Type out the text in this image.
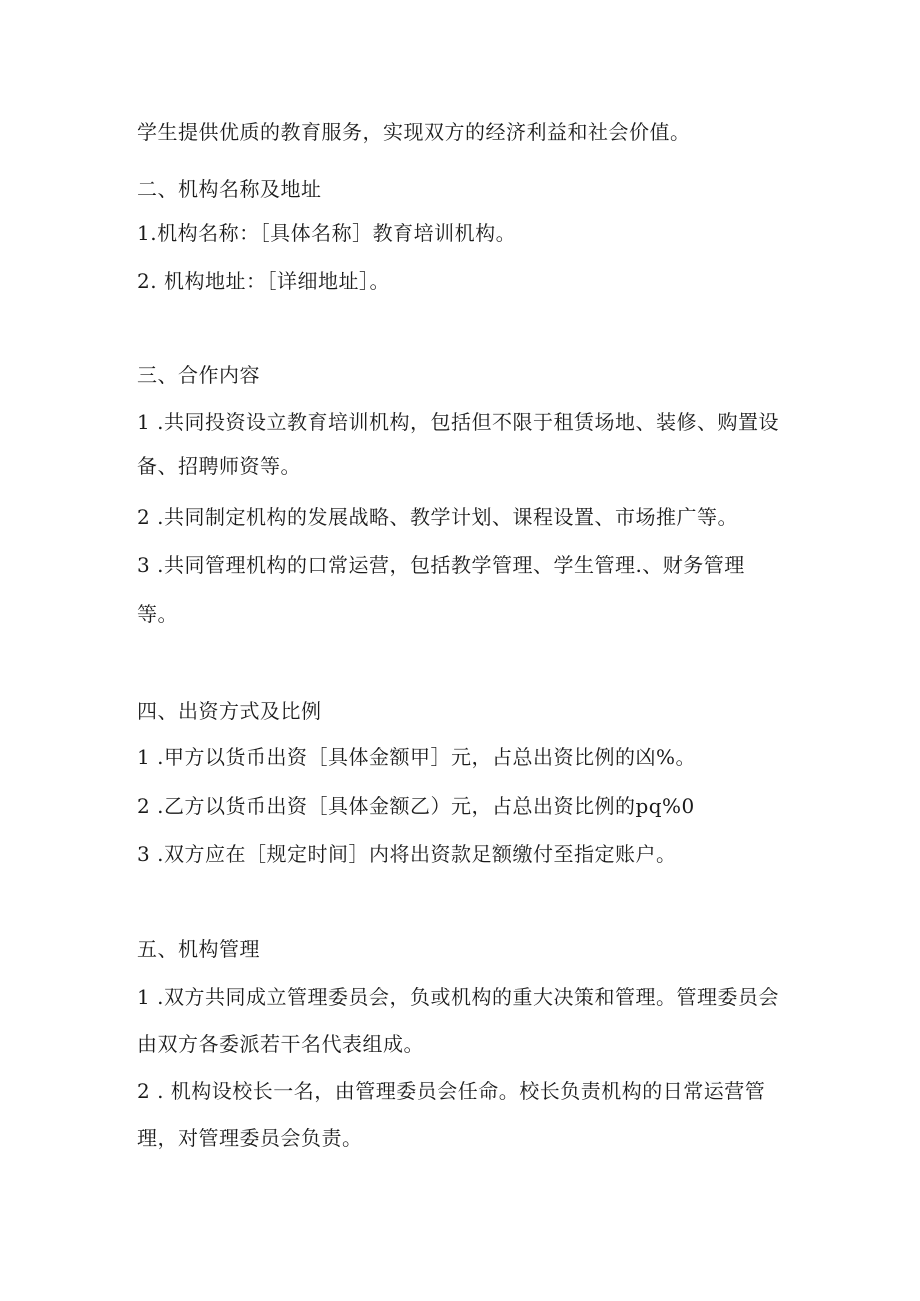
学生提供优质的教育服务，实现双方的经济利益和社会价值。
二、机构名称及地址
1.机构名称：［具体名称］教育培训机构。
2. 机构地址：［详细地址］。
三、合作内容
1 .共同投资设立教育培训机构，包括但不限于租赁场地、装修、购置设
备、招聘师资等。
2 .共同制定机构的发展战略、教学计划、课程设置、市场推广等。
3 .共同管理机构的口常运营，包括教学管理、学生管理.、财务管理
等。
四、出资方式及比例
1 .甲方以货币出资［具体金额甲］元，占总出资比例的凶%。
2 .乙方以货币出资［具体金额乙）元，占总出资比例的pq%0
3 .双方应在［规定时间］内将出资款足额缴付至指定账户。
五、机构管理
1 .双方共同成立管理委员会，负或机构的重大决策和管理。管理委员会
由双方各委派若干名代表组成。
2 . 机构设校长一名，由管理委员会任命。校长负责机构的日常运营管
理，对管理委员会负责。
